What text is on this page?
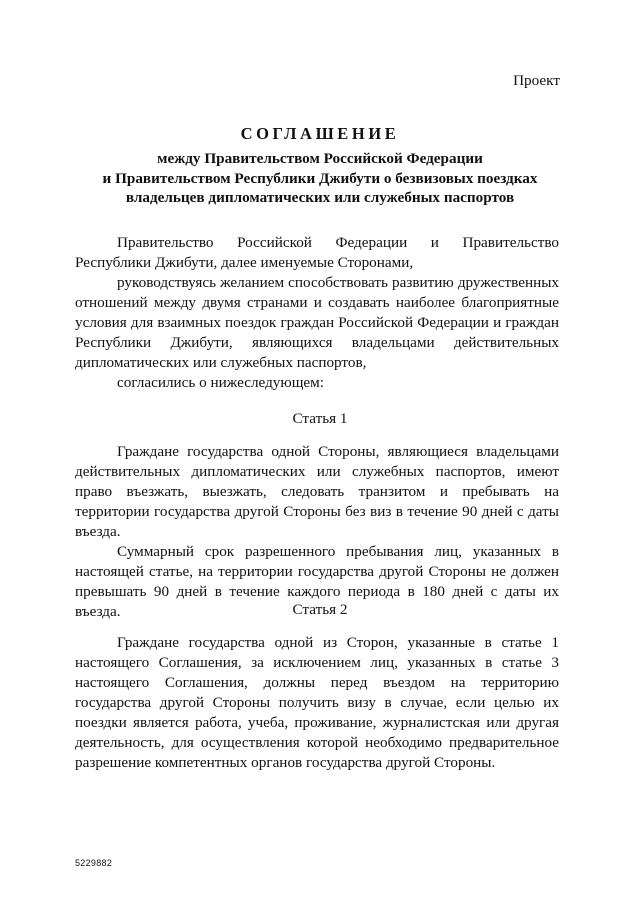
Проект
СОГЛАШЕНИЕ
между Правительством Российской Федерации
и Правительством Республики Джибути о безвизовых поездках
владельцев дипломатических или служебных паспортов

Правительство Российской Федерации и Правительство Республики Джибути, далее именуемые Сторонами,

руководствуясь желанием способствовать развитию дружественных отношений между двумя странами и создавать наиболее благоприятные условия для взаимных поездок граждан Российской Федерации и граждан Республики Джибути, являющихся владельцами действительных дипломатических или служебных паспортов,

согласились о нижеследующем:

Статья 1

Граждане государства одной Стороны, являющиеся владельцами действительных дипломатических или служебных паспортов, имеют право въезжать, выезжать, следовать транзитом и пребывать на территории государства другой Стороны без виз в течение 90 дней с даты въезда.

Суммарный срок разрешенного пребывания лиц, указанных в настоящей статье, на территории государства другой Стороны не должен превышать 90 дней в течение каждого периода в 180 дней с даты их въезда.	Статья 2

Граждане государства одной из Сторон, указанные в статье 1 настоящего Соглашения, за исключением лиц, указанных в статье 3 настоящего Соглашения, должны перед въездом на территорию государства другой Стороны получить визу в случае, если целью их поездки является работа, учеба, проживание, журналистская или другая деятельность, для осуществления которой необходимо предварительное разрешение компетентных органов государства другой Стороны.

5229882
